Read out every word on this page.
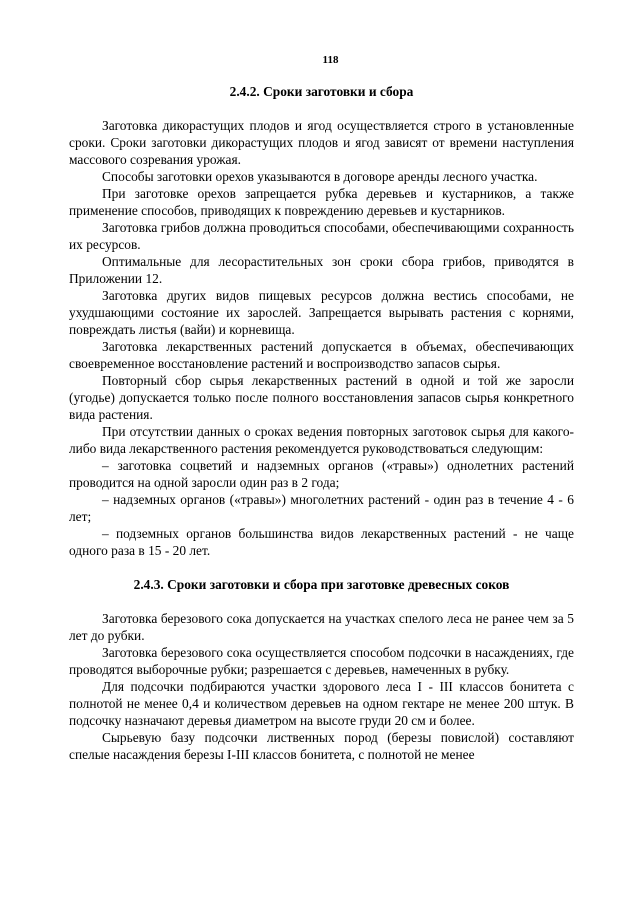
118
2.4.2. Сроки заготовки и сбора

Заготовка дикорастущих плодов и ягод осуществляется строго в установленные сроки. Сроки заготовки дикорастущих плодов и ягод зависят от времени наступления массового созревания урожая.

Способы заготовки орехов указываются в договоре аренды лесного участка.

При заготовке орехов запрещается рубка деревьев и кустарников, а также применение способов, приводящих к повреждению деревьев и кустарников.

Заготовка грибов должна проводиться способами, обеспечивающими сохранность их ресурсов.

Оптимальные для лесорастительных зон сроки сбора грибов, приводятся в Приложении 12.

Заготовка других видов пищевых ресурсов должна вестись способами, не ухудшающими состояние их зарослей. Запрещается вырывать растения с корнями, повреждать листья (вайи) и корневища.

Заготовка лекарственных растений допускается в объемах, обеспечивающих своевременное восстановление растений и воспроизводство запасов сырья.

Повторный сбор сырья лекарственных растений в одной и той же заросли (угодье) допускается только после полного восстановления запасов сырья конкретного вида растения.

При отсутствии данных о сроках ведения повторных заготовок сырья для какого-либо вида лекарственного растения рекомендуется руководствоваться следующим:

– заготовка соцветий и надземных органов («травы») однолетних растений проводится на одной заросли один раз в 2 года;

– надземных органов («травы») многолетних растений - один раз в течение 4 - 6 лет;

– подземных органов большинства видов лекарственных растений - не чаще одного раза в 15 - 20 лет.

2.4.3. Сроки заготовки и сбора при заготовке древесных соков

Заготовка березового сока допускается на участках спелого леса не ранее чем за 5 лет до рубки.

Заготовка березового сока осуществляется способом подсочки в насаждениях, где проводятся выборочные рубки; разрешается с деревьев, намеченных в рубку.

Для подсочки подбираются участки здорового леса I - III классов бонитета с полнотой не менее 0,4 и количеством деревьев на одном гектаре не менее 200 штук. В подсочку назначают деревья диаметром на высоте груди 20 см и более.

Сырьевую базу подсочки лиственных пород (березы повислой) составляют спелые насаждения березы I-III классов бонитета, с полнотой не менее
